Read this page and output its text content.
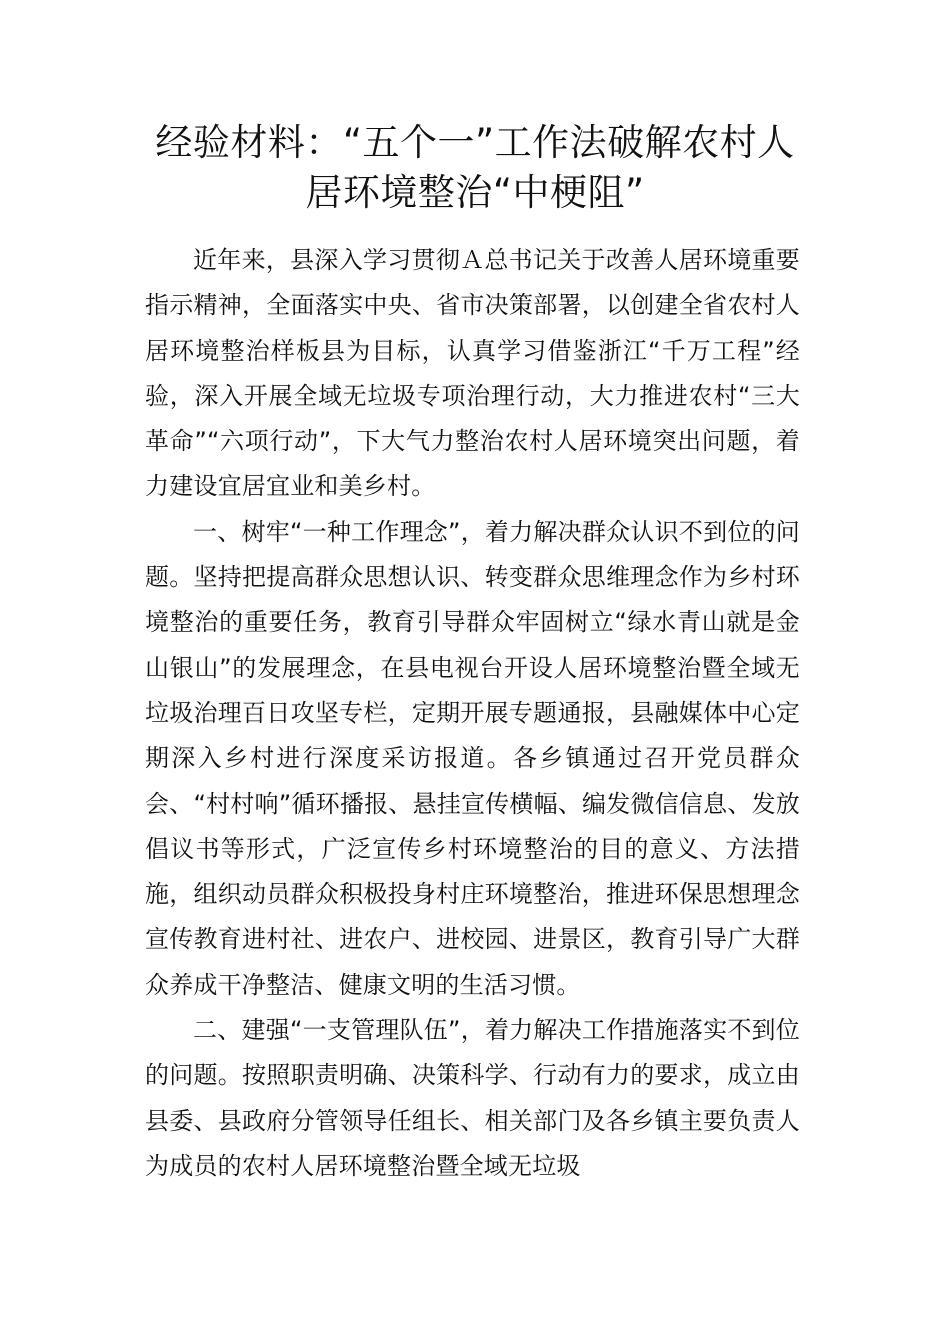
经验材料：“五个一”工作法破解农村人
居环境整治“中梗阻”

近年来，县深入学习贯彻Ａ总书记关于改善人居环境重要指示精神，全面落实中央、省市决策部署，以创建全省农村人居环境整治样板县为目标，认真学习借鉴浙江“千万工程”经验，深入开展全域无垃圾专项治理行动，大力推进农村“三大革命”“六项行动”，下大气力整治农村人居环境突出问题，着力建设宜居宜业和美乡村。

一、树牢“一种工作理念”，着力解决群众认识不到位的问题。坚持把提高群众思想认识、转变群众思维理念作为乡村环境整治的重要任务，教育引导群众牢固树立“绿水青山就是金山银山”的发展理念，在县电视台开设人居环境整治暨全域无垃圾治理百日攻坚专栏，定期开展专题通报，县融媒体中心定期深入乡村进行深度采访报道。各乡镇通过召开党员群众会、“村村响”循环播报、悬挂宣传横幅、编发微信信息、发放倡议书等形式，广泛宣传乡村环境整治的目的意义、方法措施，组织动员群众积极投身村庄环境整治，推进环保思想理念宣传教育进村社、进农户、进校园、进景区，教育引导广大群众养成干净整洁、健康文明的生活习惯。

二、建强“一支管理队伍”，着力解决工作措施落实不到位的问题。按照职责明确、决策科学、行动有力的要求，成立由县委、县政府分管领导任组长、相关部门及各乡镇主要负责人为成员的农村人居环境整治暨全域无垃圾
